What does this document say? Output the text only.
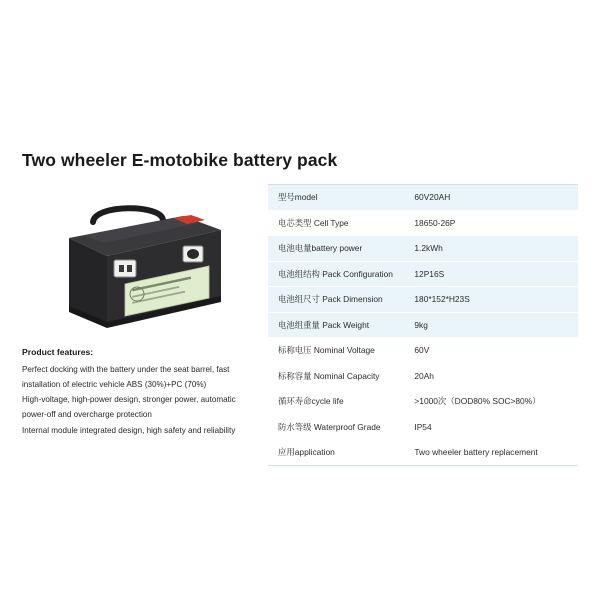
Two wheeler E-motobike battery pack
Product features:
Perfect docking with the battery under the seat barrel, fast
installation of electric vehicle ABS (30%)+PC (70%)
High-voltage, high-power design, stronger power, automatic
power-off and overcharge protection
Internal module integrated design, high safety and reliability
型号model	60V20AH
电芯类型 Cell Type	18650-26P
电池电量battery power	1.2kWh
电池组结构 Pack Configuration	12P16S
电池组尺寸 Pack Dimension	180*152*H23S
电池组重量 Pack Weight	9kg
标称电压 Nominal Voltage	60V
标称容量 Nominal Capacity	20Ah
循环寿命cycle life	>1000次（DOD80% SOC>80%）
防水等级 Waterproof Grade	IP54
应用application	Two wheeler battery replacement
